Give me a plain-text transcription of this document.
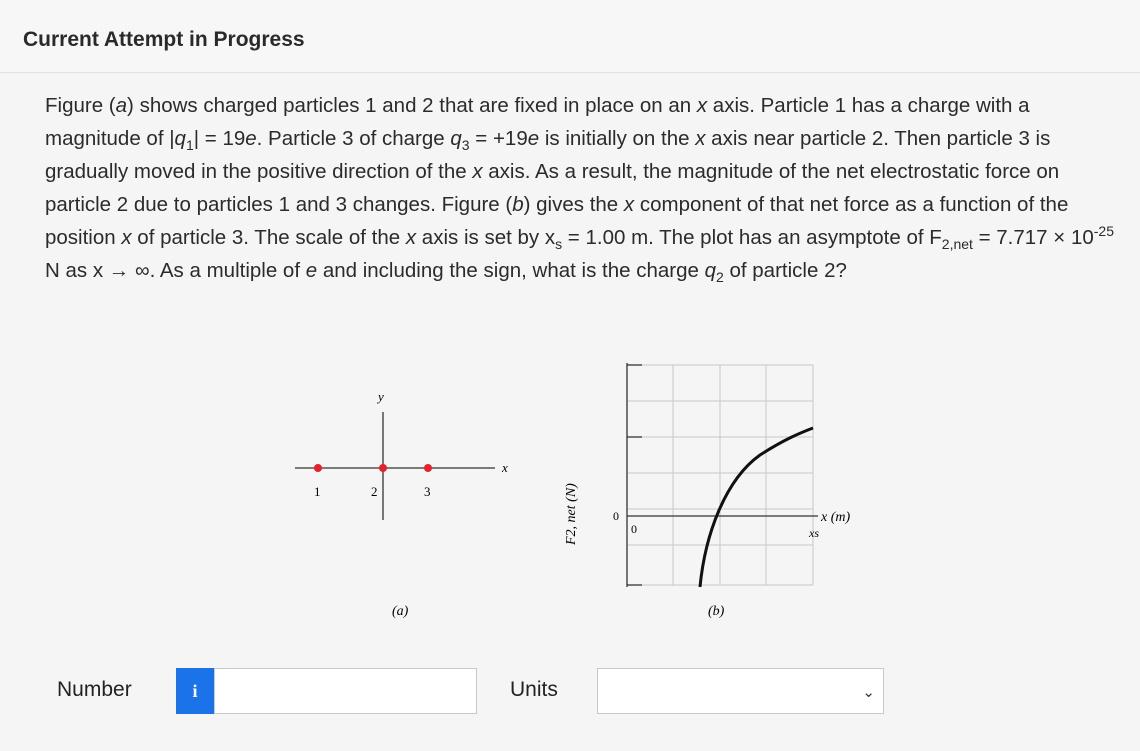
Current Attempt in Progress
Figure (a) shows charged particles 1 and 2 that are fixed in place on an x axis. Particle 1 has a charge with a magnitude of $|q_1| = 19e$. Particle 3 of charge $q_3 = +19e$ is initially on the x axis near particle 2. Then particle 3 is gradually moved in the positive direction of the x axis. As a result, the magnitude of the net electrostatic force on particle 2 due to particles 1 and 3 changes. Figure (b) gives the x component of that net force as a function of the position x of particle 3. The scale of the x axis is set by $x_s = 1.00$ m. The plot has an asymptote of $F_{2,net} = 7.717 \times 10^{-25}$ N as x → ∞. As a multiple of e and including the sign, what is the charge $q_2$ of particle 2?
y
x
1	2	3
(a)
F2, net (N)	0
0
x (m)
xs
(b)
Number	i	Units	⌄
